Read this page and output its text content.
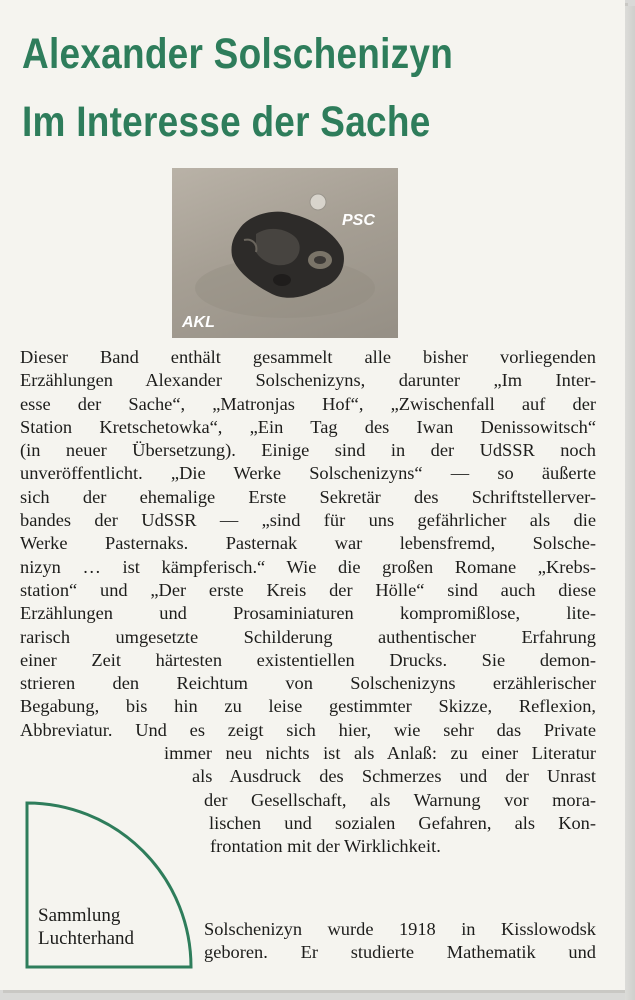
Alexander Solschenizyn
Im Interesse der Sache
PSC
AKL

Dieser Band enthält gesammelt alle bisher vorliegenden
Erzählungen Alexander Solschenizyns, darunter „Im Inter-
esse der Sache“, „Matronjas Hof“, „Zwischenfall auf der
Station Kretschetowka“, „Ein Tag des Iwan Denissowitsch“
(in neuer Übersetzung). Einige sind in der UdSSR noch
unveröffentlicht. „Die Werke Solschenizyns“ — so äußerte
sich der ehemalige Erste Sekretär des Schriftstellerver-
bandes der UdSSR — „sind für uns gefährlicher als die
Werke Pasternaks. Pasternak war lebensfremd, Solsche-
nizyn … ist kämpferisch.“ Wie die großen Romane „Krebs-
station“ und „Der erste Kreis der Hölle“ sind auch diese
Erzählungen und Prosaminiaturen kompromißlose, lite-
rarisch umgesetzte Schilderung authentischer Erfahrung
einer Zeit härtesten existentiellen Drucks. Sie demon-
strieren den Reichtum von Solschenizyns erzählerischer
Begabung, bis hin zu leise gestimmter Skizze, Reflexion,
Abbreviatur. Und es zeigt sich hier, wie sehr das Private
immer neu nichts ist als Anlaß: zu einer Literatur
als Ausdruck des Schmerzes und der Unrast
der Gesellschaft, als Warnung vor mora-
lischen und sozialen Gefahren, als Kon-
frontation mit der Wirklichkeit.

Sammlung
Luchterhand	Solschenizyn wurde 1918 in Kisslowodsk
geboren. Er studierte Mathematik und
